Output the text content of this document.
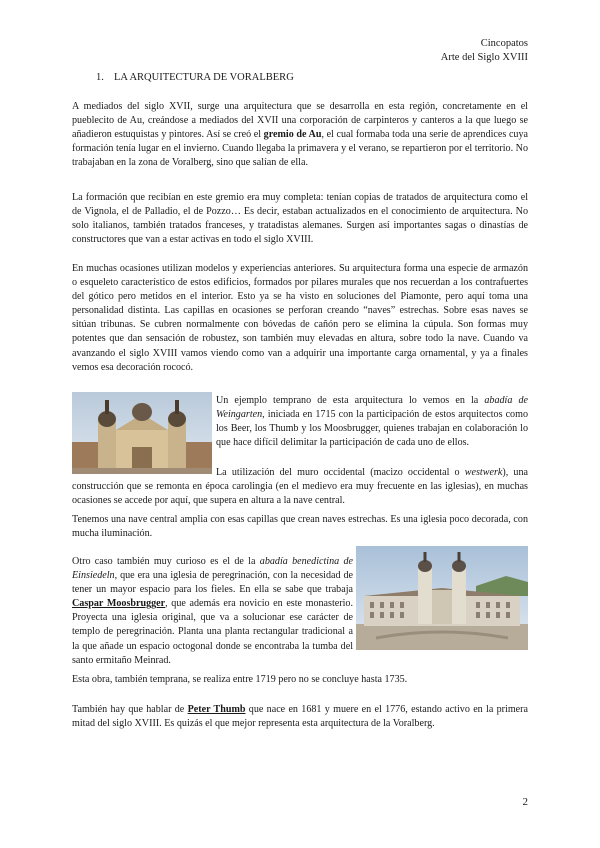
Cincopatos
Arte del Siglo XVIII
1. LA ARQUITECTURA DE VORALBERG

A mediados del siglo XVII, surge una arquitectura que se desarrolla en esta región, concretamente en el pueblecito de Au, creándose a mediados del XVII una corporación de carpinteros y canteros a la que luego se añadieron estuquistas y pintores. Así se creó el gremio de Au, el cual formaba toda una serie de aprendices cuya formación tenía lugar en el invierno. Cuando llegaba la primavera y el verano, se repartieron por el territorio. No trabajaban en la zona de Voralberg, sino que salían de ella.

La formación que recibían en este gremio era muy completa: tenían copias de tratados de arquitectura como el de Vignola, el de Palladio, el de Pozzo… Es decir, estaban actualizados en el conocimiento de arquitectura. No solo italianos, también tratados franceses, y tratadistas alemanes. Surgen así importantes sagas o dinastías de constructores que van a estar activas en todo el siglo XVIII.

En muchas ocasiones utilizan modelos y experiencias anteriores. Su arquitectura forma una especie de armazón o esqueleto característico de estos edificios, formados por pilares murales que nos recuerdan a los contrafuertes del gótico pero metidos en el interior. Esto ya se ha visto en soluciones del Piamonte, pero aquí toma una personalidad distinta. Las capillas en ocasiones se perforan creando “naves” estrechas. Sobre esas naves se sitúan tribunas. Se cubren normalmente con bóvedas de cañón pero se elimina la cúpula. Son formas muy potentes que dan sensación de robustez, son también muy elevadas en altura, sobre todo la nave. Cuando va avanzando el siglo XVIII vamos viendo como van a adquirir una importante carga ornamental, y ya a finales vemos esa decoración rococó.

Un ejemplo temprano de esta arquitectura lo vemos en la abadía de Weingarten, iniciada en 1715 con la participación de estos arquitectos como los Beer, los Thumb y los Moosbrugger, quienes trabajan en colaboración lo que hace difícil delimitar la participación de cada uno de ellos.

La utilización del muro occidental (macizo occidental o westwerk), una construcción que se remonta en época carolingia (en el medievo era muy frecuente en las iglesias), en muchas ocasiones se accede por aquí, que supera en altura a la nave central.

Tenemos una nave central amplia con esas capillas que crean naves estrechas. Es una iglesia poco decorada, con mucha iluminación.

Otro caso también muy curioso es el de la abadía benedictina de Einsiedeln, que era una iglesia de peregrinación, con la necesidad de tener un mayor espacio para los fieles. En ella se sabe que trabaja Caspar Moosbrugger, que además era novicio en este monasterio. Proyecta una iglesia original, que va a solucionar ese carácter de templo de peregrinación. Planta una planta rectangular tradicional a la que añade un espacio octogonal donde se encontraba la tumba del santo ermitaño Meinrad.

Esta obra, también temprana, se realiza entre 1719 pero no se concluye hasta 1735.

También hay que hablar de Peter Thumb que nace en 1681 y muere en el 1776, estando activo en la primera mitad del siglo XVIII. Es quizás el que mejor representa esta arquitectura de la Voralberg.

2
